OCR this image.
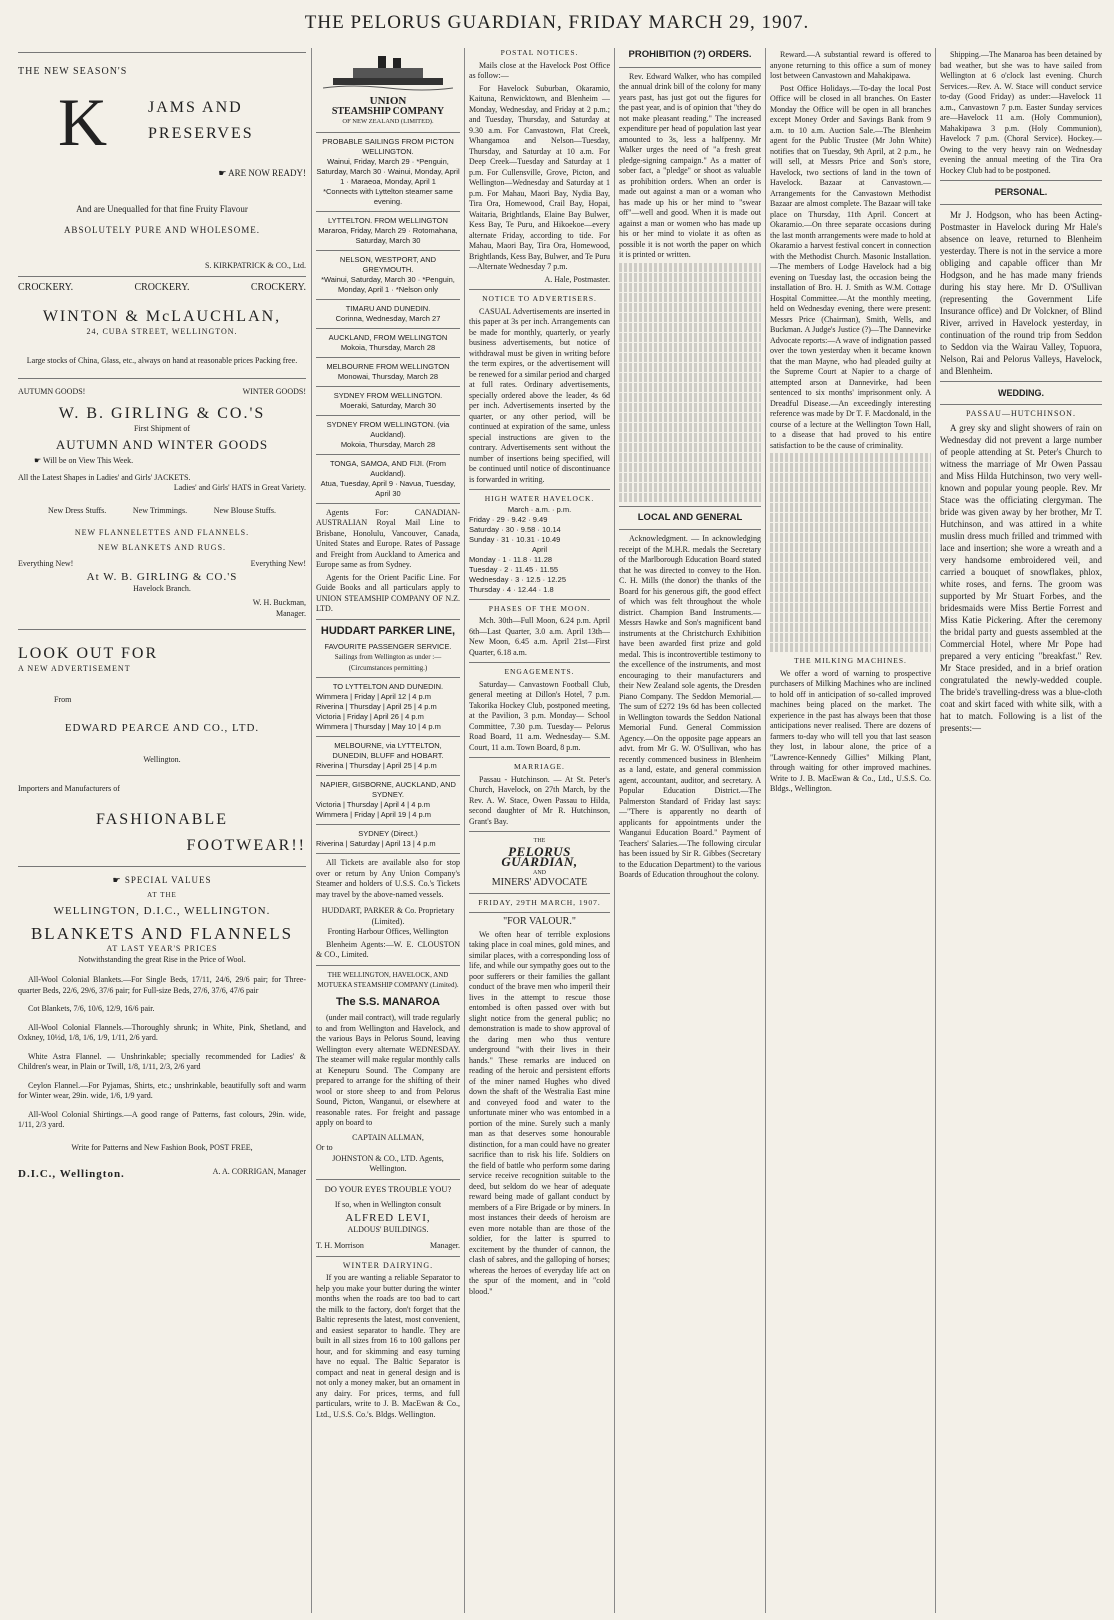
THE PELORUS GUARDIAN, FRIDAY MARCH 29, 1907.
THE NEW SEASON'S
K	JAMS AND
PRESERVES
☛ ARE NOW READY!
And are Unequalled for that fine Fruity Flavour
ABSOLUTELY PURE AND WHOLESOME.
S. KIRKPATRICK & CO., Ltd.
CROCKERY.	CROCKERY.	CROCKERY.
WINTON & McLAUCHLAN,
24, CUBA STREET, WELLINGTON.
Large stocks of China, Glass, etc., always on hand at reasonable prices Packing free.
AUTUMN GOODS!	WINTER GOODS!
W. B. GIRLING & CO.'S
First Shipment of
AUTUMN AND WINTER GOODS
☛ Will be on View This Week.
All the Latest Shapes in Ladies' and Girls' JACKETS.
Ladies' and Girls' HATS in Great Variety.
New Dress Stuffs.	New Trimmings.	New Blouse Stuffs.
NEW FLANNELETTES AND FLANNELS.
NEW BLANKETS AND RUGS.
Everything New!	Everything New!
At W. B. GIRLING & CO.'S
Havelock Branch.
W. H. Buckman,
Manager.
LOOK OUT FOR
A NEW ADVERTISEMENT
From
EDWARD PEARCE AND CO., LTD.
Wellington.
Importers and Manufacturers of
FASHIONABLE
FOOTWEAR!!
☛ SPECIAL VALUES
AT THE
WELLINGTON, D.I.C., WELLINGTON.
BLANKETS AND FLANNELS
AT LAST YEAR'S PRICES
Notwithstanding the great Rise in the Price of Wool.

All-Wool Colonial Blankets.—For Single Beds, 17/11, 24/6, 29/6 pair; for Three-quarter Beds, 22/6, 29/6, 37/6 pair; for Full-size Beds, 27/6, 37/6, 47/6 pair

Cot Blankets, 7/6, 10/6, 12/9, 16/6 pair.

All-Wool Colonial Flannels.—Thoroughly shrunk; in White, Pink, Shetland, and Oxkney, 10½d, 1/8, 1/6, 1/9, 1/11, 2/6 yard.

White Astra Flannel. — Unshrinkable; specially recommended for Ladies' & Children's wear, in Plain or Twill, 1/8, 1/11, 2/3, 2/6 yard

Ceylon Flannel.—For Pyjamas, Shirts, etc.; unshrinkable, beautifully soft and warm for Winter wear, 29in. wide, 1/6, 1/9 yard.

All-Wool Colonial Shirtings.—A good range of Patterns, fast colours, 29in. wide, 1/11, 2/3 yard.

Write for Patterns and New Fashion Book, POST FREE,
D.I.C., Wellington.	A. A. CORRIGAN, Manager
UNION
STEAMSHIP COMPANY
OF NEW ZEALAND (LIMITED).
PROBABLE SAILINGS FROM PICTON
WELLINGTON.
Wainui, Friday, March 29 · *Penguin, Saturday, March 30 · Wainui, Monday, April 1 · Maraeoa, Monday, April 1
*Connects with Lyttelton steamer same evening.
LYTTELTON. FROM WELLINGTON
Mararoa, Friday, March 29 · Rotomahana, Saturday, March 30
NELSON, WESTPORT, AND GREYMOUTH.
*Wainui, Saturday, March 30 · *Penguin, Monday, April 1 · *Nelson only
TIMARU AND DUNEDIN.
Corinna, Wednesday, March 27
AUCKLAND, FROM WELLINGTON
Mokoia, Thursday, March 28
MELBOURNE FROM WELLINGTON
Monowai, Thursday, March 28
SYDNEY FROM WELLINGTON.
Moeraki, Saturday, March 30
SYDNEY FROM WELLINGTON. (via Auckland).
Mokoia, Thursday, March 28
TONGA, SAMOA, AND FIJI. (From Auckland).
Atua, Tuesday, April 9 · Navua, Tuesday, April 30

Agents For: CANADIAN-AUSTRALIAN Royal Mail Line to Brisbane, Honolulu, Vancouver, Canada, United States and Europe. Rates of Passage and Freight from Auckland to America and Europe same as from Sydney.

Agents for the Orient Pacific Line. For Guide Books and all particulars apply to UNION STEAMSHIP COMPANY OF N.Z. LTD.

HUDDART PARKER LINE,
FAVOURITE PASSENGER SERVICE.
Sailings from Wellington as under :— (Circumstances permitting.)
TO LYTTELTON AND DUNEDIN.
Wimmera | Friday | April 12 | 4 p.m
Riverina | Thursday | April 25 | 4 p.m
Victoria | Friday | April 26 | 4 p.m
Wimmera | Thursday | May 10 | 4 p.m
MELBOURNE, via LYTTELTON, DUNEDIN, BLUFF and HOBART.
Riverina | Thursday | April 25 | 4 p.m
NAPIER, GISBORNE, AUCKLAND, AND SYDNEY.
Victoria | Thursday | April 4 | 4 p.m
Wimmera | Friday | April 19 | 4 p.m
SYDNEY (Direct.)
Riverina | Saturday | April 13 | 4 p.m

All Tickets are available also for stop over or return by Any Union Company's Steamer and holders of U.S.S. Co.'s Tickets may travel by the above-named vessels.

HUDDART, PARKER & Co. Proprietary (Limited).
Fronting Harbour Offices, Wellington

Blenheim Agents:—W. E. CLOUSTON & CO., Limited.

THE WELLINGTON, HAVELOCK, AND MOTUEKA STEAMSHIP COMPANY (Limited).
The S.S. MANAROA

(under mail contract), will trade regularly to and from Wellington and Havelock, and the various Bays in Pelorus Sound, leaving Wellington every alternate WEDNESDAY. The steamer will make regular monthly calls at Kenepuru Sound. The Company are prepared to arrange for the shifting of their wool or store sheep to and from Pelorus Sound, Picton, Wanganui, or elsewhere at reasonable rates. For freight and passage apply on board to

CAPTAIN ALLMAN,
Or to
JOHNSTON & CO., LTD. Agents, Wellington.
DO YOUR EYES TROUBLE YOU?
If so, when in Wellington consult
ALFRED LEVI,
ALDOUS' BUILDINGS.
T. H. Morrison	Manager.
WINTER DAIRYING.

If you are wanting a reliable Separator to help you make your butter during the winter months when the roads are too bad to cart the milk to the factory, don't forget that the Baltic represents the latest, most convenient, and easiest separator to handle. They are built in all sizes from 16 to 100 gallons per hour, and for skimming and easy turning have no equal. The Baltic Separator is compact and neat in general design and is not only a money maker, but an ornament in any dairy. For prices, terms, and full particulars, write to J. B. MacEwan & Co., Ltd., U.S.S. Co.'s. Bldgs. Wellington.

POSTAL NOTICES.

Mails close at the Havelock Post Office as follow:—

For Havelock Suburban, Okaramio, Kaituna, Renwicktown, and Blenheim —Monday, Wednesday, and Friday at 2 p.m.; and Tuesday, Thursday, and Saturday at 9.30 a.m. For Canvastown, Flat Creek, Whangamoa and Nelson—Tuesday, Thursday, and Saturday at 10 a.m. For Deep Creek—Tuesday and Saturday at 1 p.m. For Cullensville, Grove, Picton, and Wellington—Wednesday and Saturday at 1 p.m. For Mahau, Maori Bay, Nydia Bay, Tira Ora, Homewood, Crail Bay, Hopai, Waitaria, Brightlands, Elaine Bay Bulwer, Kess Bay, Te Puru, and Hikoekoe—every alternate Friday, according to tide. For Mahau, Maori Bay, Tira Ora, Homewood, Brightlands, Kess Bay, Bulwer, and Te Puru—Alternate Wednesday 7 p.m.

A. Hale, Postmaster.
NOTICE TO ADVERTISERS.

CASUAL Advertisements are inserted in this paper at 3s per inch. Arrangements can be made for monthly, quarterly, or yearly business advertisements, but notice of withdrawal must be given in writing before the term expires, or the advertisement will be renewed for a similar period and charged at full rates. Ordinary advertisements, specially ordered above the leader, 4s 6d per inch. Advertisements inserted by the quarter, or any other period, will be continued at expiration of the same, unless special instructions are given to the contrary. Advertisements sent without the number of insertions being specified, will be continued until notice of discontinuance is forwarded in writing.

HIGH WATER HAVELOCK.
March · a.m. · p.m.
Friday · 29 · 9.42 · 9.49
Saturday · 30 · 9.58 · 10.14
Sunday · 31 · 10.31 · 10.49
April
Monday · 1 · 11.8 · 11.28
Tuesday · 2 · 11.45 · 11.55
Wednesday · 3 · 12.5 · 12.25
Thursday · 4 · 12.44 · 1.8
PHASES OF THE MOON.

Mch. 30th—Full Moon, 6.24 p.m. April 6th—Last Quarter, 3.0 a.m. April 13th—New Moon, 6.45 a.m. April 21st—First Quarter, 6.18 a.m.

ENGAGEMENTS.

Saturday— Canvastown Football Club, general meeting at Dillon's Hotel, 7 p.m. Takorika Hockey Club, postponed meeting, at the Pavilion, 3 p.m. Monday— School Committee, 7.30 p.m. Tuesday— Pelorus Road Board, 11 a.m. Wednesday— S.M. Court, 11 a.m. Town Board, 8 p.m.

MARRIAGE.

Passau - Hutchinson. — At St. Peter's Church, Havelock, on 27th March, by the Rev. A. W. Stace, Owen Passau to Hilda, second daughter of Mr R. Hutchinson, Grant's Bay.

THE
PELORUS GUARDIAN,
AND
MINERS' ADVOCATE
FRIDAY, 29TH MARCH, 1907.
"FOR VALOUR."

We often hear of terrible explosions taking place in coal mines, gold mines, and similar places, with a corresponding loss of life, and while our sympathy goes out to the poor sufferers or their families the gallant conduct of the brave men who imperil their lives in the attempt to rescue those entombed is often passed over with but slight notice from the general public; no demonstration is made to show approval of the daring men who thus venture underground "with their lives in their hands." These remarks are induced on reading of the heroic and persistent efforts of the miner named Hughes who dived down the shaft of the Westralia East mine and conveyed food and water to the unfortunate miner who was entombed in a portion of the mine. Surely such a manly man as that deserves some honourable distinction, for a man could have no greater sacrifice than to risk his life. Soldiers on the field of battle who perform some daring service receive recognition suitable to the deed, but seldom do we hear of adequate reward being made of gallant conduct by members of a Fire Brigade or by miners. In most instances their deeds of heroism are even more notable than are those of the soldier, for the latter is spurred to excitement by the thunder of cannon, the clash of sabres, and the galloping of horses; whereas the heroes of everyday life act on the spur of the moment, and in "cold blood."

PROHIBITION (?) ORDERS.

Rev. Edward Walker, who has compiled the annual drink bill of the colony for many years past, has just got out the figures for the past year, and is of opinion that "they do not make pleasant reading." The increased expenditure per head of population last year amounted to 3s, less a halfpenny. Mr Walker urges the need of "a fresh great pledge-signing campaign." As a matter of sober fact, a "pledge" or shoot as valuable as prohibition orders. When an order is made out against a man or a woman who has made up his or her mind to "swear off"—well and good. When it is made out against a man or women who has made up his or her mind to violate it as often as possible it is not worth the paper on which it is printed or written.

LOCAL AND GENERAL

Acknowledgment. — In acknowledging receipt of the M.H.R. medals the Secretary of the Marlborough Education Board stated that he was directed to convey to the Hon. C. H. Mills (the donor) the thanks of the Board for his generous gift, the good effect of which was felt throughout the whole district. Champion Band Instruments.—Messrs Hawke and Son's magnificent band instruments at the Christchurch Exhibition have been awarded first prize and gold medal. This is incontrovertible testimony to the excellence of the instruments, and most encouraging to their manufacturers and their New Zealand sole agents, the Dresden Piano Company. The Seddon Memorial.—The sum of £272 19s 6d has been collected in Wellington towards the Seddon National Memorial Fund. General Commission Agency.—On the opposite page appears an advt. from Mr G. W. O'Sullivan, who has recently commenced business in Blenheim as a land, estate, and general commission agent, accountant, auditor, and secretary. A Popular Education District.—The Palmerston Standard of Friday last says:—"There is apparently no dearth of applicants for appointments under the Wanganui Education Board." Payment of Teachers' Salaries.—The following circular has been issued by Sir R. Gibbes (Secretary to the Education Department) to the various Boards of Education throughout the colony.

Reward.—A substantial reward is offered to anyone returning to this office a sum of money lost between Canvastown and Mahakipawa.

Post Office Holidays.—To-day the local Post Office will be closed in all branches. On Easter Monday the Office will be open in all branches except Money Order and Savings Bank from 9 a.m. to 10 a.m. Auction Sale.—The Blenheim agent for the Public Trustee (Mr John White) notifies that on Tuesday, 9th April, at 2 p.m., he will sell, at Messrs Price and Son's store, Havelock, two sections of land in the town of Havelock. Bazaar at Canvastown.—Arrangements for the Canvastown Methodist Bazaar are almost complete. The Bazaar will take place on Thursday, 11th April. Concert at Okaramio.—On three separate occasions during the last month arrangements were made to hold at Okaramio a harvest festival concert in connection with the Methodist Church. Masonic Installation.—The members of Lodge Havelock had a big evening on Tuesday last, the occasion being the installation of Bro. H. J. Smith as W.M. Cottage Hospital Committee.—At the monthly meeting, held on Wednesday evening, there were present: Messrs Price (Chairman), Smith, Wells, and Buckman. A Judge's Justice (?)—The Dannevirke Advocate reports:—A wave of indignation passed over the town yesterday when it became known that the man Mayne, who had pleaded guilty at the Supreme Court at Napier to a charge of attempted arson at Dannevirke, had been sentenced to six months' imprisonment only. A Dreadful Disease.—An exceedingly interesting reference was made by Dr T. F. Macdonald, in the course of a lecture at the Wellington Town Hall, to a disease that had proved to his entire satisfaction to be the cause of criminality.

THE MILKING MACHINES.

We offer a word of warning to prospective purchasers of Milking Machines who are inclined to hold off in anticipation of so-called improved machines being placed on the market. The experience in the past has always been that those anticipations never realised. There are dozens of farmers to-day who will tell you that last season they lost, in labour alone, the price of a "Lawrence-Kennedy Gillies" Milking Plant, through waiting for other improved machines. Write to J. B. MacEwan & Co., Ltd., U.S.S. Co. Bldgs., Wellington.

Shipping.—The Manaroa has been detained by bad weather, but she was to have sailed from Wellington at 6 o'clock last evening. Church Services.—Rev. A. W. Stace will conduct service to-day (Good Friday) as under:—Havelock 11 a.m., Canvastown 7 p.m. Easter Sunday services are—Havelock 11 a.m. (Holy Communion), Mahakipawa 3 p.m. (Holy Communion), Havelock 7 p.m. (Choral Service). Hockey.—Owing to the very heavy rain on Wednesday evening the annual meeting of the Tira Ora Hockey Club had to be postponed.

PERSONAL.

Mr J. Hodgson, who has been Acting-Postmaster in Havelock during Mr Hale's absence on leave, returned to Blenheim yesterday. There is not in the service a more obliging and capable officer than Mr Hodgson, and he has made many friends during his stay here. Mr D. O'Sullivan (representing the Government Life Insurance office) and Dr Volckner, of Blind River, arrived in Havelock yesterday, in continuation of the round trip from Seddon to Seddon via the Wairau Valley, Topuora, Nelson, Rai and Pelorus Valleys, Havelock, and Blenheim.

WEDDING.
PASSAU—HUTCHINSON.

A grey sky and slight showers of rain on Wednesday did not prevent a large number of people attending at St. Peter's Church to witness the marriage of Mr Owen Passau and Miss Hilda Hutchinson, two very well-known and popular young people. Rev. Mr Stace was the officiating clergyman. The bride was given away by her brother, Mr T. Hutchinson, and was attired in a white muslin dress much frilled and trimmed with lace and insertion; she wore a wreath and a very handsome embroidered veil, and carried a bouquet of snowflakes, phlox, white roses, and ferns. The groom was supported by Mr Stuart Forbes, and the bridesmaids were Miss Bertie Forrest and Miss Katie Pickering. After the ceremony the bridal party and guests assembled at the Commercial Hotel, where Mr Pope had prepared a very enticing "breakfast." Rev. Mr Stace presided, and in a brief oration congratulated the newly-wedded couple. The bride's travelling-dress was a blue-cloth coat and skirt faced with white silk, with a hat to match. Following is a list of the presents:—
